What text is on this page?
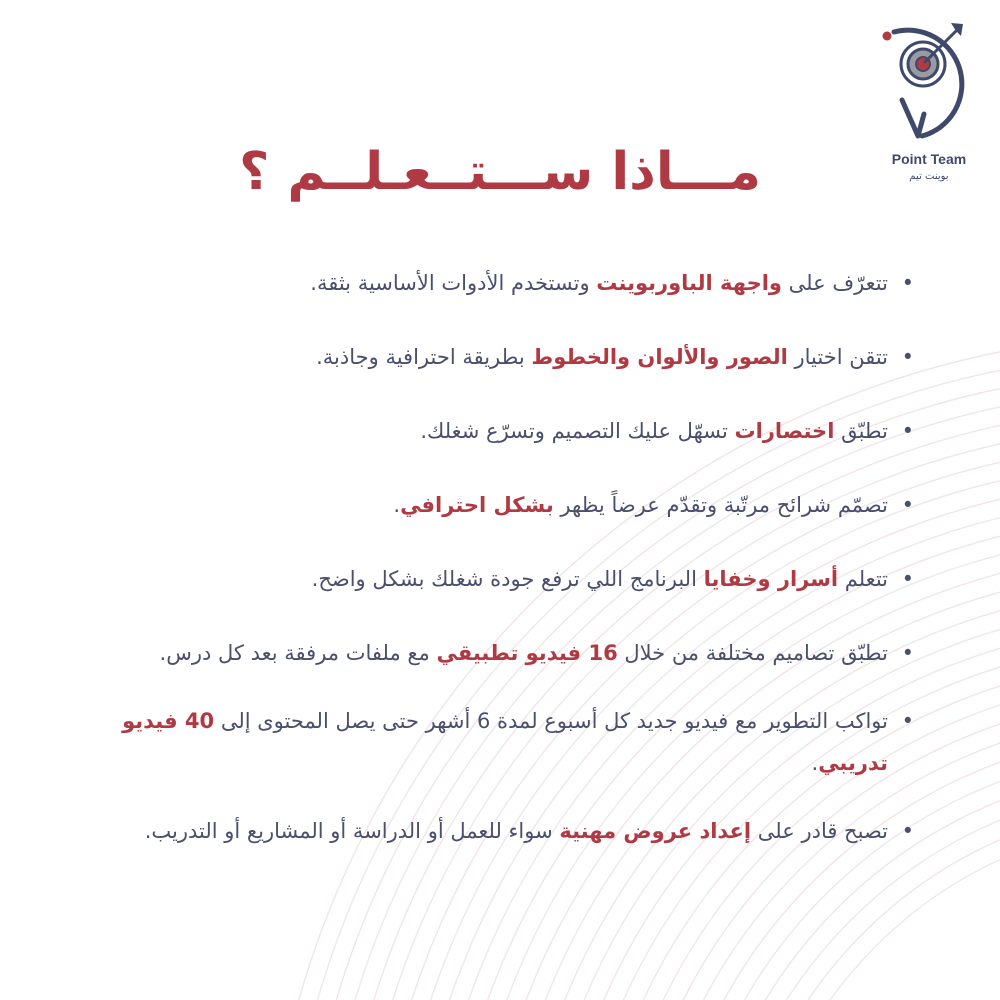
Point Team
بوينت تيم
مـــاذا ســـتــعـلــم ؟
• تتعرّف على واجهة الباوربوينت وتستخدم الأدوات الأساسية بثقة.
• تتقن اختيار الصور والألوان والخطوط بطريقة احترافية وجاذبة.
• تطبّق اختصارات تسهّل عليك التصميم وتسرّع شغلك.
• تصمّم شرائح مرتّبة وتقدّم عرضاً يظهر بشكل احترافي.
• تتعلم أسرار وخفايا البرنامج اللي ترفع جودة شغلك بشكل واضح.
• تطبّق تصاميم مختلفة من خلال 16 فيديو تطبيقي مع ملفات مرفقة بعد كل درس.
• تواكب التطوير مع فيديو جديد كل أسبوع لمدة 6 أشهر حتى يصل المحتوى إلى 40 فيديو تدريبي.
• تصبح قادر على إعداد عروض مهنية سواء للعمل أو الدراسة أو المشاريع أو التدريب.
